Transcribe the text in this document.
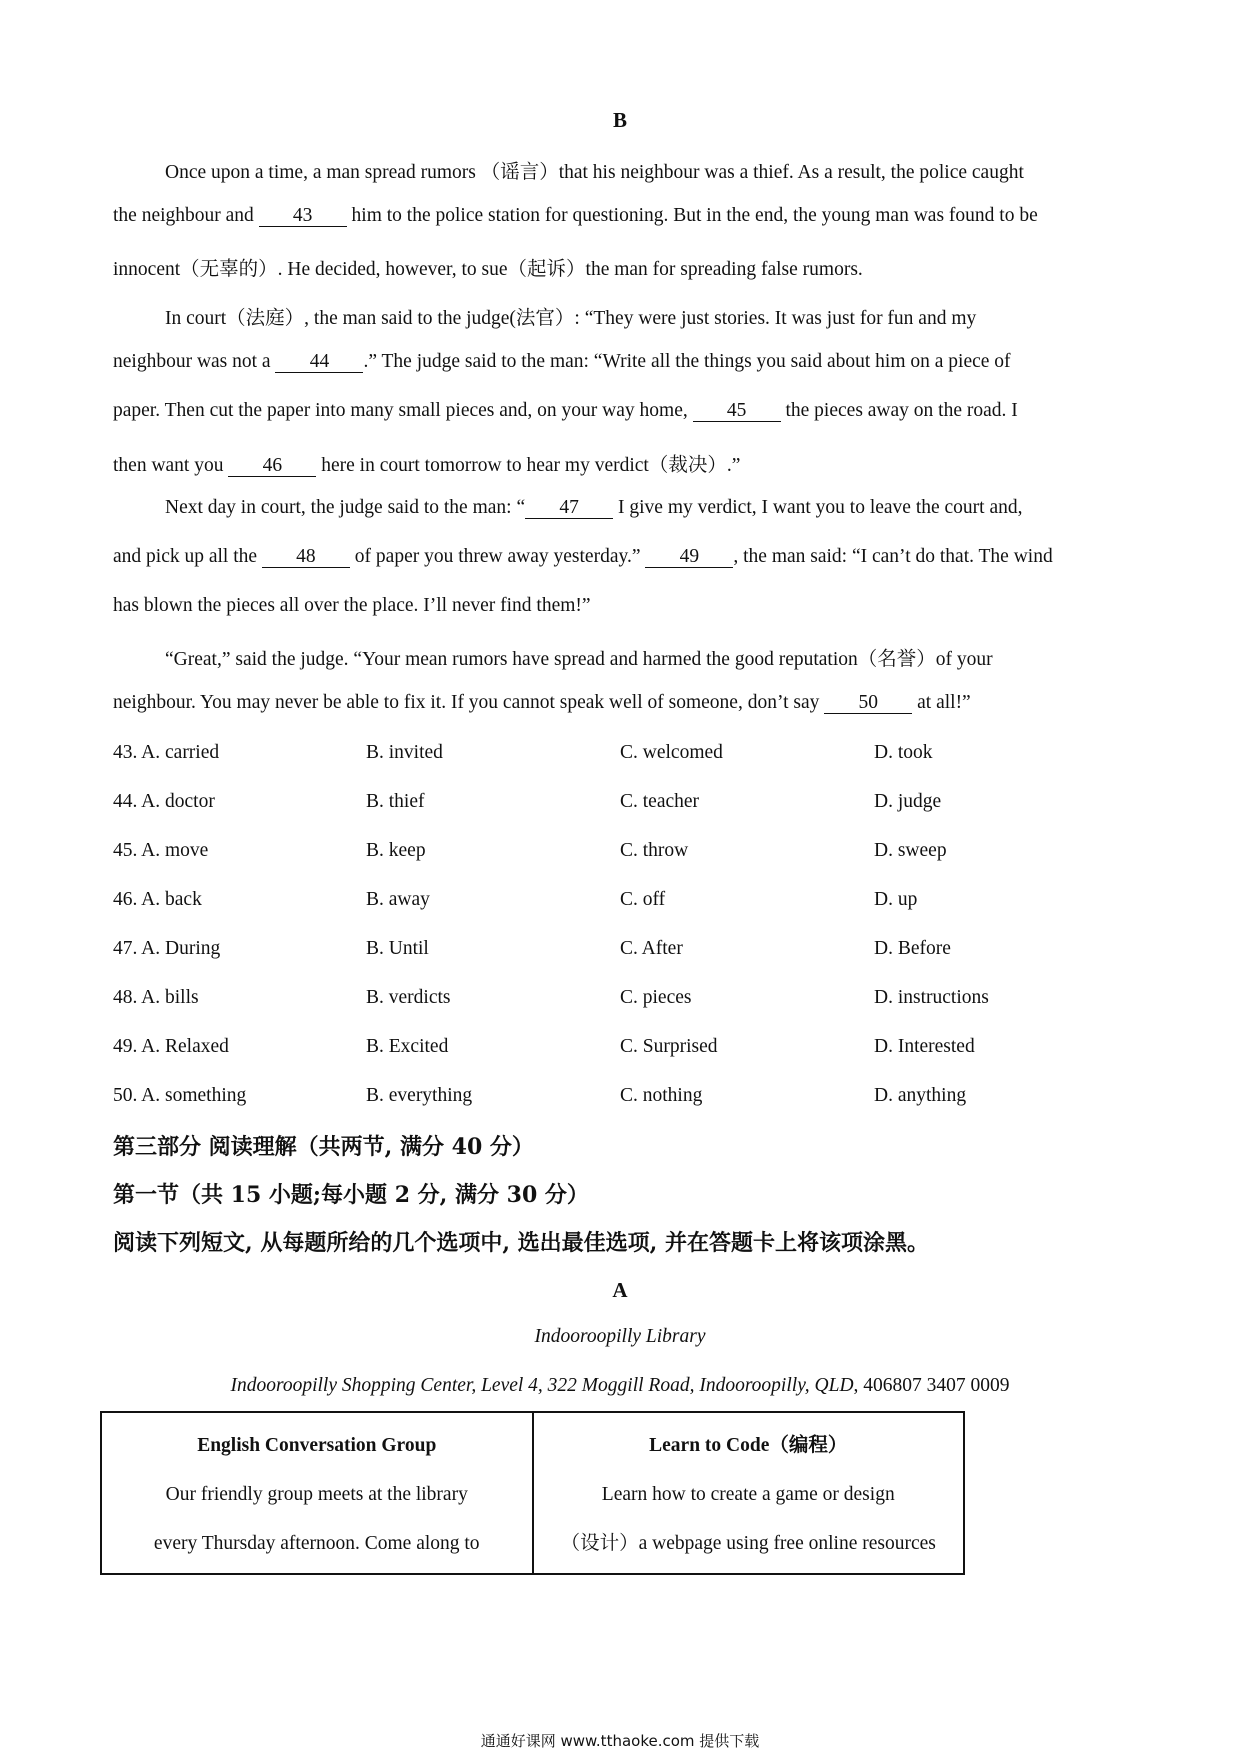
B
Once upon a time, a man spread rumors （谣言）that his neighbour was a thief. As a result, the police caught
the neighbour and 43 him to the police station for questioning. But in the end, the young man was found to be
innocent（无辜的）. He decided, however, to sue（起诉）the man for spreading false rumors.
In court（法庭）, the man said to the judge(法官）: “They were just stories. It was just for fun and my
neighbour was not a 44 .” The judge said to the man: “Write all the things you said about him on a piece of
paper. Then cut the paper into many small pieces and, on your way home, 45 the pieces away on the road. I
then want you 46 here in court tomorrow to hear my verdict（裁决）.”
Next day in court, the judge said to the man: “ 47 I give my verdict, I want you to leave the court and,
and pick up all the 48 of paper you threw away yesterday.” 49 , the man said: “I can’t do that. The wind
has blown the pieces all over the place. I’ll never find them!”
“Great,” said the judge. “Your mean rumors have spread and harmed the good reputation（名誉）of your
neighbour. You may never be able to fix it. If you cannot speak well of someone, don’t say 50 at all!”
43. A. carried	B. invited	C. welcomed	D. took
44. A. doctor	B. thief	C. teacher	D. judge
45. A. move	B. keep	C. throw	D. sweep
46. A. back	B. away	C. off	D. up
47. A. During	B. Until	C. After	D. Before
48. A. bills	B. verdicts	C. pieces	D. instructions
49. A. Relaxed	B. Excited	C. Surprised	D. Interested
50. A. something	B. everything	C. nothing	D. anything
第三部分 阅读理解（共两节, 满分 40 分）
第一节（共 15 小题;每小题 2 分, 满分 30 分）
阅读下列短文, 从每题所给的几个选项中, 选出最佳选项, 并在答题卡上将该项涂黑。
A
Indooroopilly Library
Indooroopilly Shopping Center, Level 4, 322 Moggill Road, Indooroopilly, QLD, 406807 3407 0009
English Conversation Group
Our friendly group meets at the library
every Thursday afternoon. Come along to

Learn to Code（编程）
Learn how to create a game or design
（设计）a webpage using free online resources
通通好课网 www.tthaoke.com 提供下载
